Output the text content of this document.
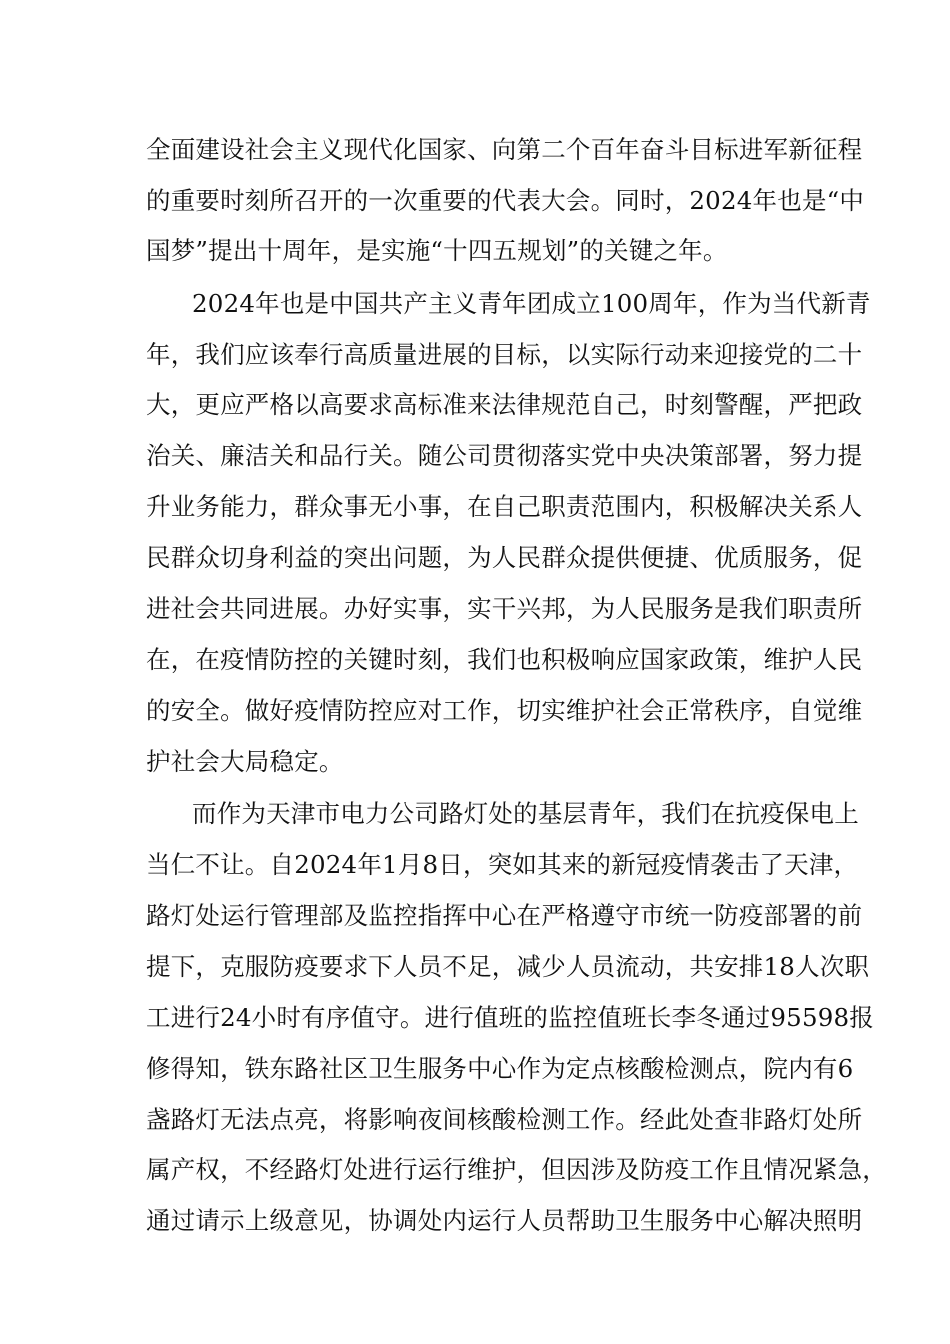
全面建设社会主义现代化国家、向第二个百年奋斗目标进军新征程
的重要时刻所召开的一次重要的代表大会。同时，2024年也是“中
国梦”提出十周年，是实施“十四五规划”的关键之年。
2024年也是中国共产主义青年团成立100周年，作为当代新青
年，我们应该奉行高质量进展的目标，以实际行动来迎接党的二十
大，更应严格以高要求高标准来法律规范自己，时刻警醒，严把政
治关、廉洁关和品行关。随公司贯彻落实党中央决策部署，努力提
升业务能力，群众事无小事，在自己职责范围内，积极解决关系人
民群众切身利益的突出问题，为人民群众提供便捷、优质服务，促
进社会共同进展。办好实事，实干兴邦，为人民服务是我们职责所
在，在疫情防控的关键时刻，我们也积极响应国家政策，维护人民
的安全。做好疫情防控应对工作，切实维护社会正常秩序，自觉维
护社会大局稳定。
而作为天津市电力公司路灯处的基层青年，我们在抗疫保电上
当仁不让。自2024年1月8日，突如其来的新冠疫情袭击了天津，
路灯处运行管理部及监控指挥中心在严格遵守市统一防疫部署的前
提下，克服防疫要求下人员不足，减少人员流动，共安排18人次职
工进行24小时有序值守。进行值班的监控值班长李冬通过95598报
修得知，铁东路社区卫生服务中心作为定点核酸检测点，院内有6
盏路灯无法点亮，将影响夜间核酸检测工作。经此处查非路灯处所
属产权，不经路灯处进行运行维护，但因涉及防疫工作且情况紧急，
通过请示上级意见，协调处内运行人员帮助卫生服务中心解决照明
